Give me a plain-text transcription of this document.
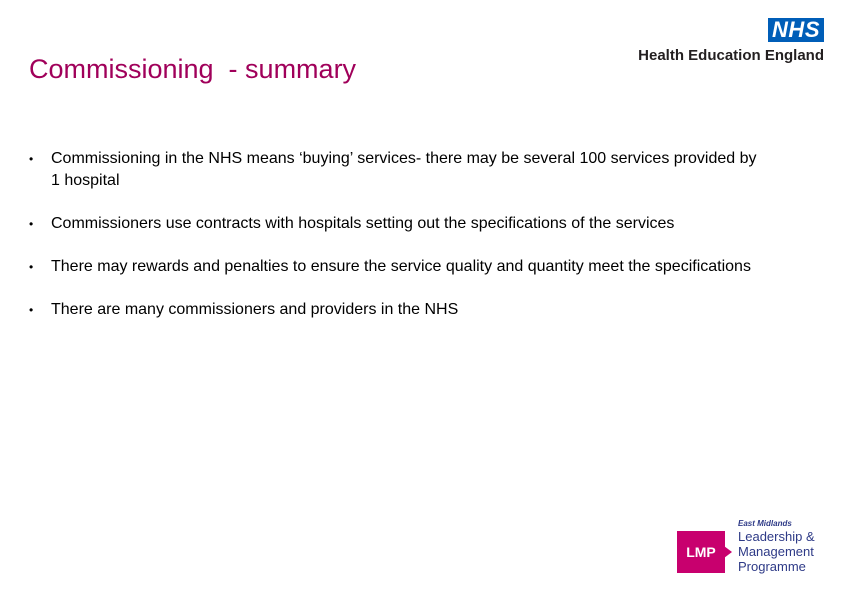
Commissioning  - summary
NHS
Health Education England
• Commissioning in the NHS means ‘buying’ services- there may be several 100 services provided by 1 hospital
• Commissioners use contracts with hospitals setting out the specifications of the services
• There may rewards and penalties to ensure the service quality and quantity meet the specifications
• There are many commissioners and providers in the NHS
LMP
East Midlands
Leadership &
Management
Programme
